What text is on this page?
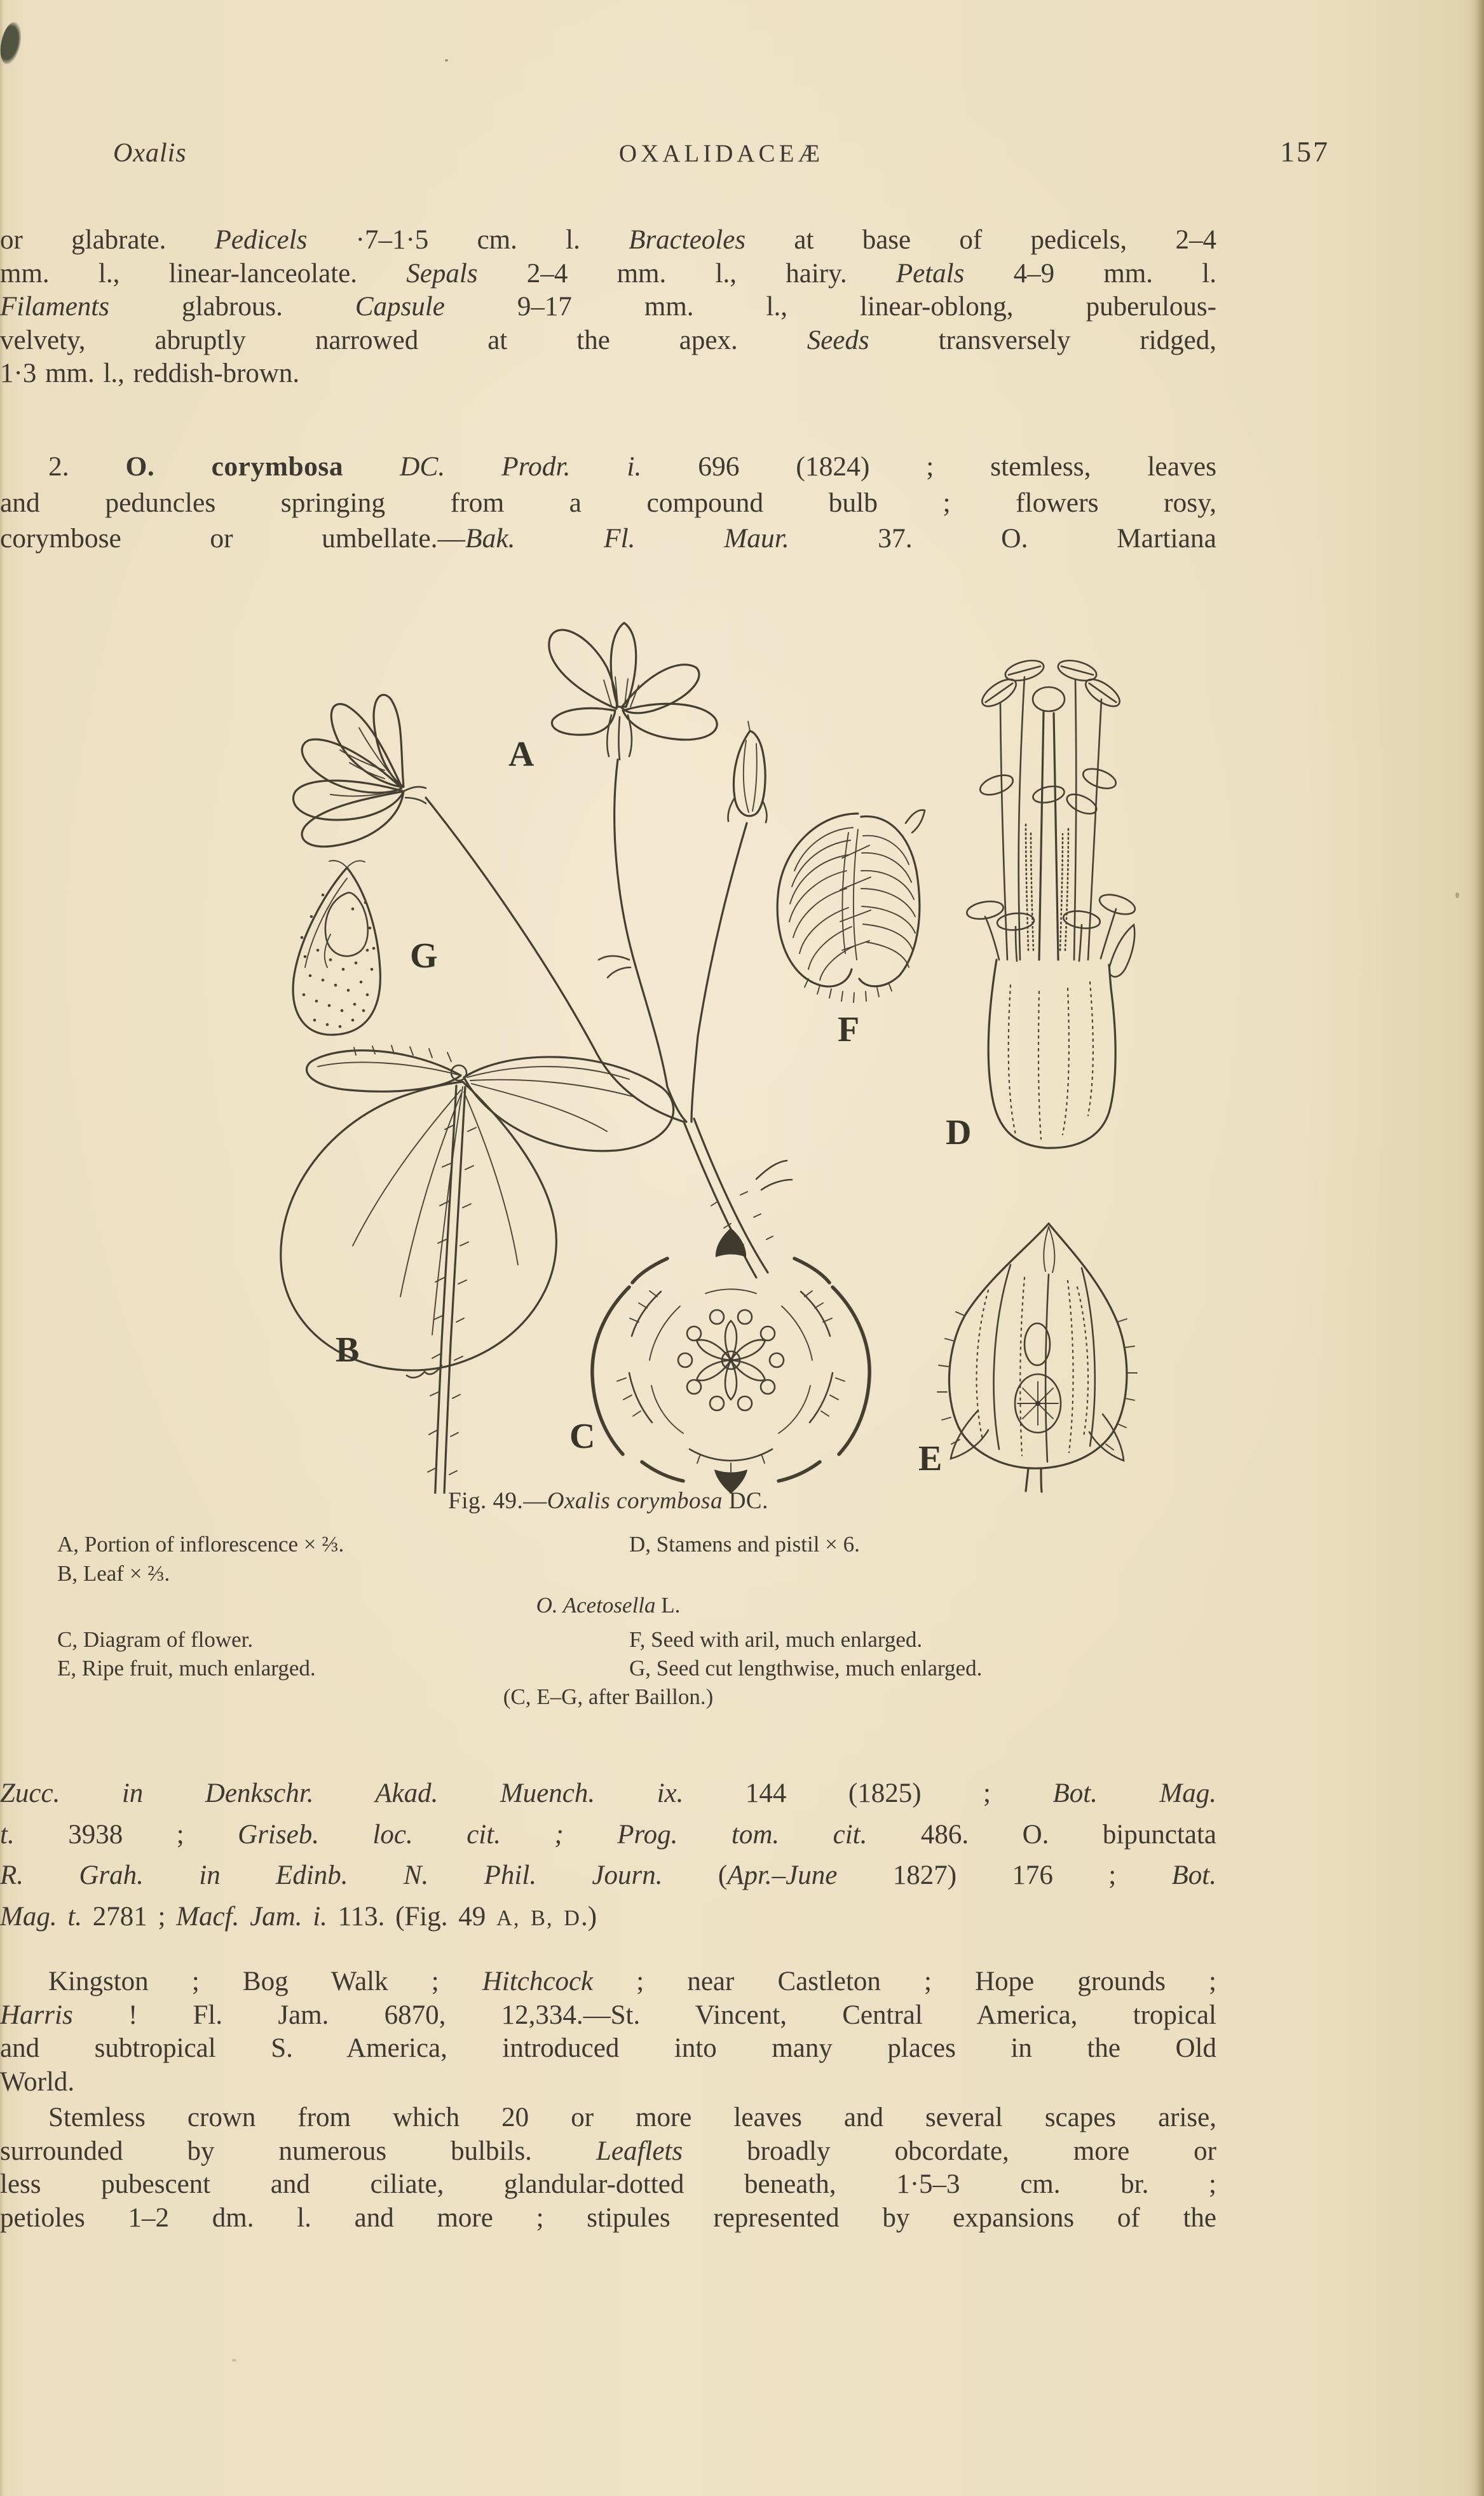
Oxalis	OXALIDACEÆ	157
or glabrate. Pedicels ·7–1·5 cm. l. Bracteoles at base of pedicels, 2–4
mm. l., linear-lanceolate. Sepals 2–4 mm. l., hairy. Petals 4–9 mm. l.
Filaments glabrous. Capsule 9–17 mm. l., linear-oblong, puberulous-
velvety, abruptly narrowed at the apex. Seeds transversely ridged,
1·3 mm. l., reddish-brown.
2. O. corymbosa DC. Prodr. i. 696 (1824) ; stemless, leaves
and peduncles springing from a compound bulb ; flowers rosy,
corymbose or umbellate.—Bak. Fl. Maur. 37. O. Martiana
A
G
B
C
F
D
E
Fig. 49.—Oxalis corymbosa DC.
A, Portion of inflorescence × ⅔.	D, Stamens and pistil × 6.
B, Leaf × ⅔.
O. Acetosella L.
C, Diagram of flower.	F, Seed with aril, much enlarged.
E, Ripe fruit, much enlarged.	G, Seed cut lengthwise, much enlarged.
(C, E–G, after Baillon.)
Zucc. in Denkschr. Akad. Muench. ix. 144 (1825) ; Bot. Mag.
t. 3938 ; Griseb. loc. cit. ; Prog. tom. cit. 486. O. bipunctata
R. Grah. in Edinb. N. Phil. Journ. (Apr.–June 1827) 176 ; Bot.
Mag. t. 2781 ; Macf. Jam. i. 113. (Fig. 49 A, B, D.)
Kingston ; Bog Walk ; Hitchcock ; near Castleton ; Hope grounds ;
Harris ! Fl. Jam. 6870, 12,334.—St. Vincent, Central America, tropical
and subtropical S. America, introduced into many places in the Old
World.
Stemless crown from which 20 or more leaves and several scapes arise,
surrounded by numerous bulbils. Leaflets broadly obcordate, more or
less pubescent and ciliate, glandular-dotted beneath, 1·5–3 cm. br. ;
petioles 1–2 dm. l. and more ; stipules represented by expansions of the
